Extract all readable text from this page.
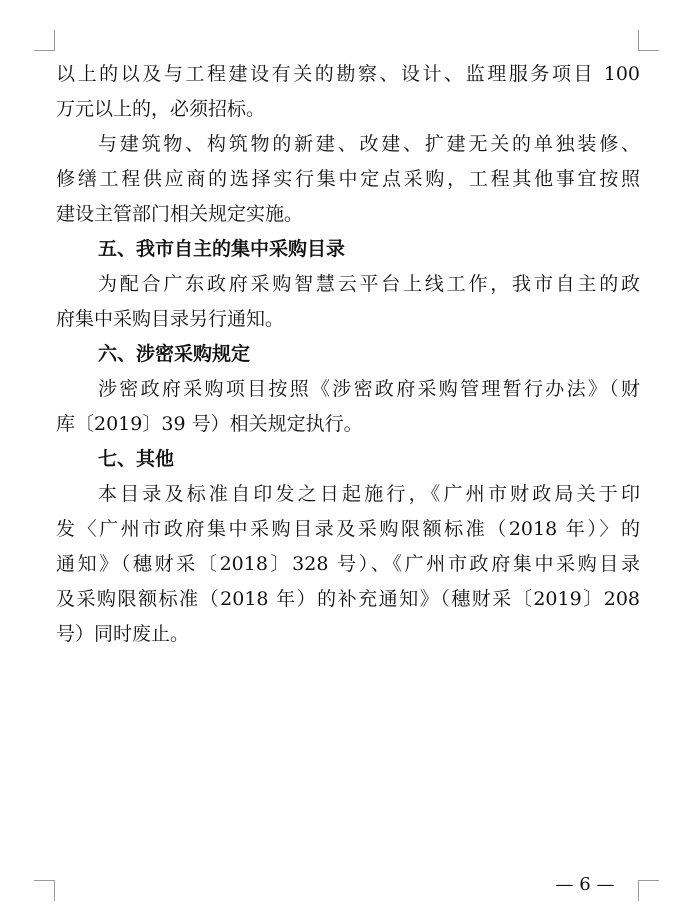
以上的以及与工程建设有关的勘察、设计、监理服务项目 100
万元以上的，必须招标。
与建筑物、构筑物的新建、改建、扩建无关的单独装修、
修缮工程供应商的选择实行集中定点采购，工程其他事宜按照
建设主管部门相关规定实施。
五、我市自主的集中采购目录
为配合广东政府采购智慧云平台上线工作，我市自主的政
府集中采购目录另行通知。
六、涉密采购规定
涉密政府采购项目按照《涉密政府采购管理暂行办法》（财
库〔2019〕39 号）相关规定执行。
七、其他
本目录及标准自印发之日起施行，《广州市财政局关于印
发〈广州市政府集中采购目录及采购限额标准（2018 年）〉的
通知》（穗财采〔2018〕328 号）、《广州市政府集中采购目录
及采购限额标准（2018 年）的补充通知》（穗财采〔2019〕208
号）同时废止。
— 6 —
